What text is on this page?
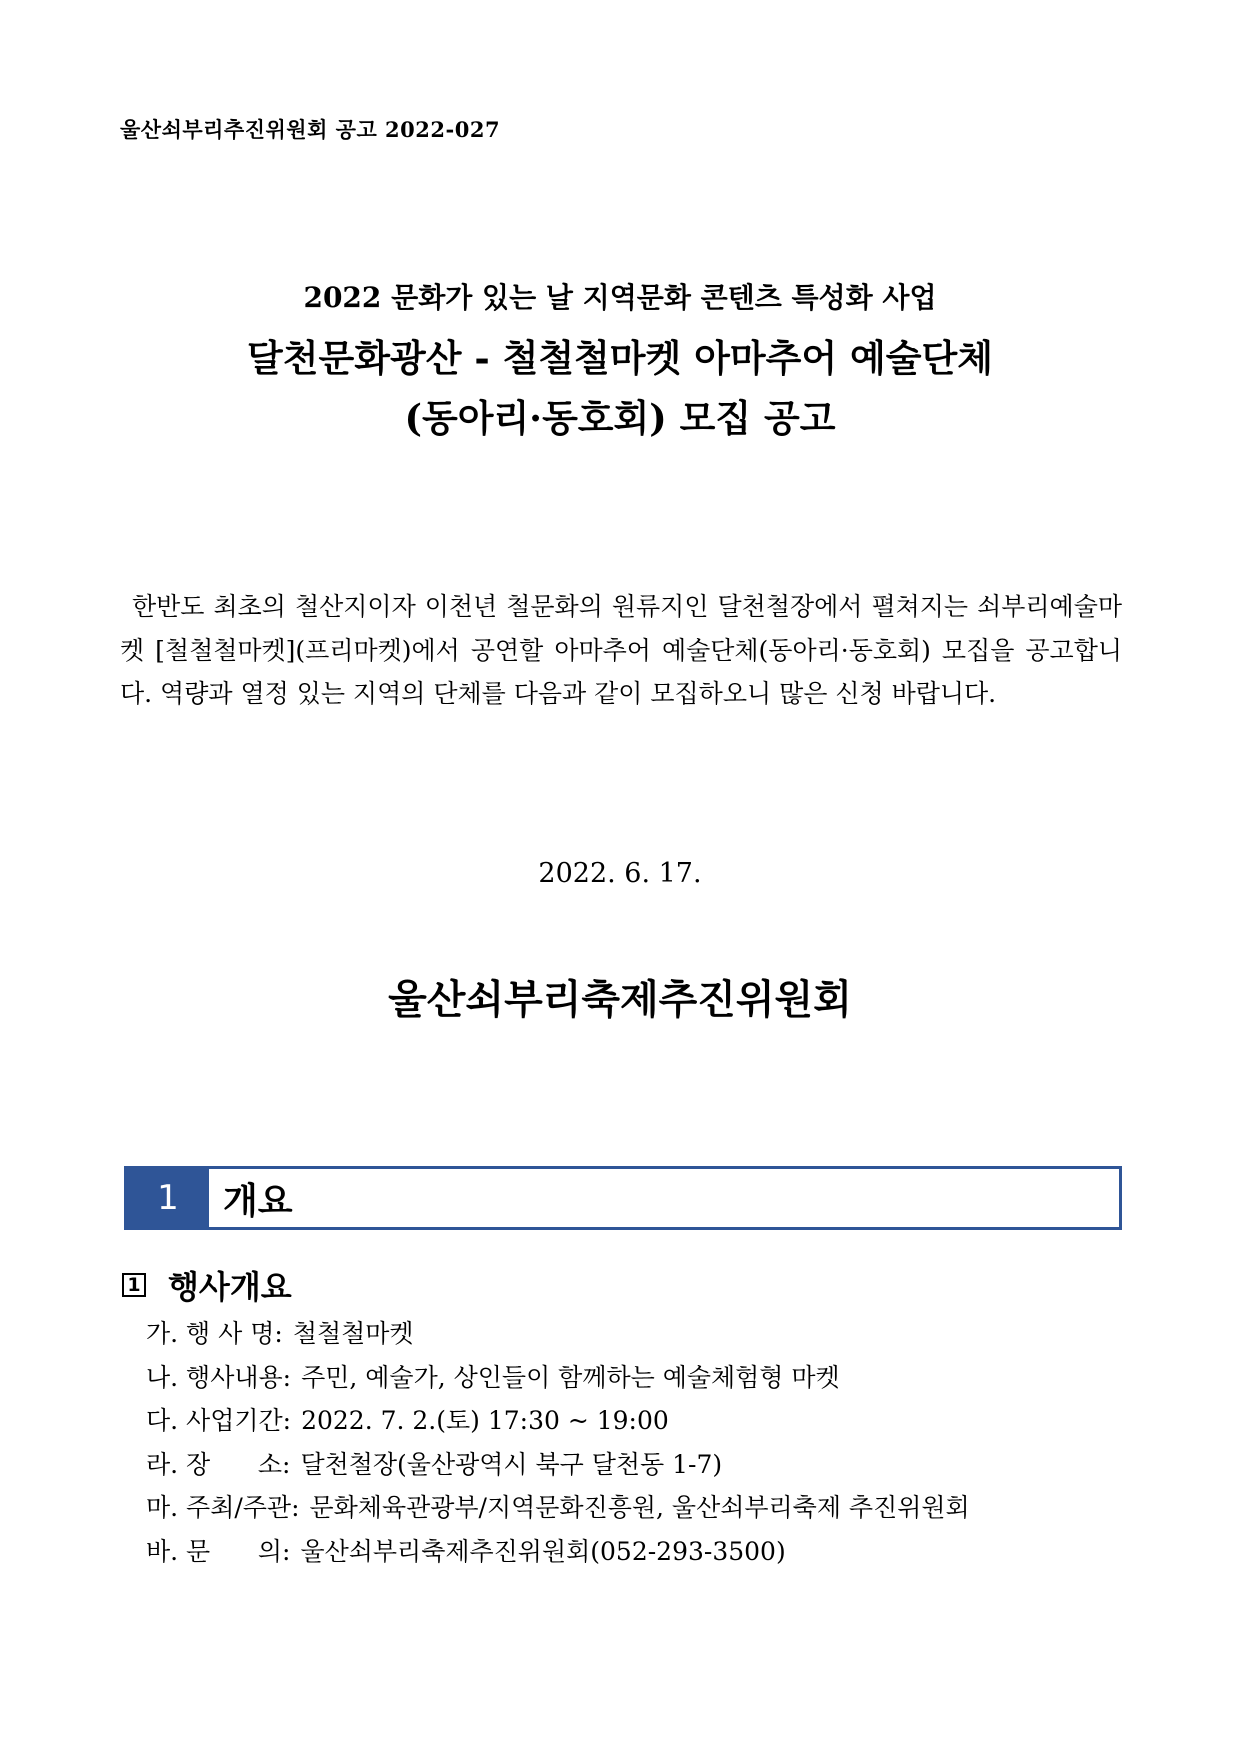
울산쇠부리추진위원회 공고 2022-027
2022 문화가 있는 날 지역문화 콘텐츠 특성화 사업
달천문화광산 - 철철철마켓 아마추어 예술단체
(동아리·동호회) 모집 공고
한반도 최초의 철산지이자 이천년 철문화의 원류지인 달천철장에서 펼쳐지는 쇠부리예술마켓 [철철철마켓](프리마켓)에서 공연할 아마추어 예술단체(동아리·동호회) 모집을 공고합니다. 역량과 열정 있는 지역의 단체를 다음과 같이 모집하오니 많은 신청 바랍니다.
2022. 6. 17.
울산쇠부리축제추진위원회
1	개요
1 행사개요
가. 행 사 명: 철철철마켓
나. 행사내용: 주민, 예술가, 상인들이 함께하는 예술체험형 마켓
다. 사업기간: 2022. 7. 2.(토) 17:30 ~ 19:00
라. 장      소: 달천철장(울산광역시 북구 달천동 1-7)
마. 주최/주관: 문화체육관광부/지역문화진흥원, 울산쇠부리축제 추진위원회
바. 문      의: 울산쇠부리축제추진위원회(052-293-3500)
